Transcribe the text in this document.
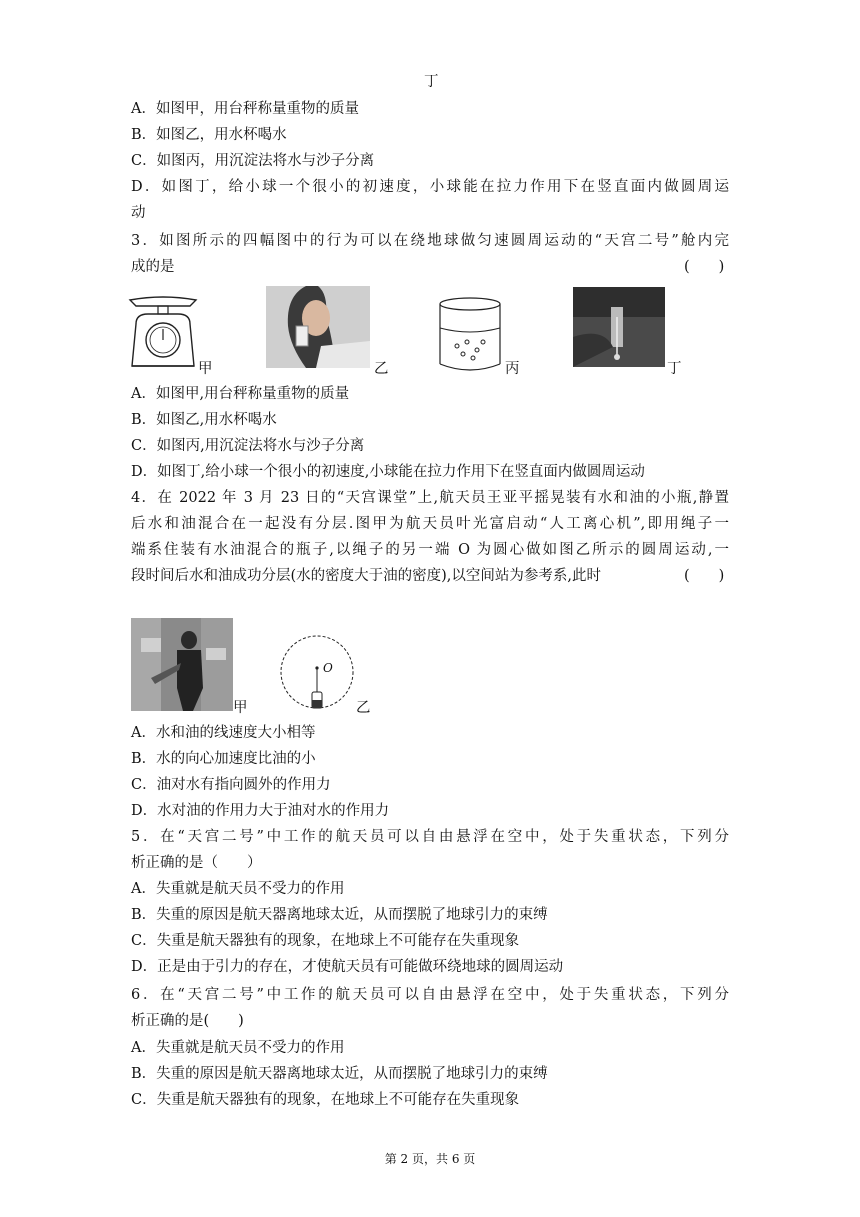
丁
A．如图甲，用台秤称量重物的质量
B．如图乙，用水杯喝水
C．如图丙，用沉淀法将水与沙子分离
D．如图丁，给小球一个很小的初速度，小球能在拉力作用下在竖直面内做圆周运
动
3．如图所示的四幅图中的行为可以在绕地球做匀速圆周运动的“天宫二号”舱内完
成的是	(　　)
甲	乙	丙	丁
A．如图甲,用台秤称量重物的质量
B．如图乙,用水杯喝水
C．如图丙,用沉淀法将水与沙子分离
D．如图丁,给小球一个很小的初速度,小球能在拉力作用下在竖直面内做圆周运动
4．在 2022 年 3 月 23 日的“天宫课堂”上,航天员王亚平摇晃装有水和油的小瓶,静置
后水和油混合在一起没有分层.图甲为航天员叶光富启动“人工离心机”,即用绳子一
端系住装有水油混合的瓶子,以绳子的另一端 O 为圆心做如图乙所示的圆周运动,一
段时间后水和油成功分层(水的密度大于油的密度),以空间站为参考系,此时	(　　)
甲
O
乙
A．水和油的线速度大小相等
B．水的向心加速度比油的小
C．油对水有指向圆外的作用力
D．水对油的作用力大于油对水的作用力
5．在“天宫二号”中工作的航天员可以自由悬浮在空中，处于失重状态，下列分
析正确的是（　　）
A．失重就是航天员不受力的作用
B．失重的原因是航天器离地球太近，从而摆脱了地球引力的束缚
C．失重是航天器独有的现象，在地球上不可能存在失重现象
D．正是由于引力的存在，才使航天员有可能做环绕地球的圆周运动
6．在“天宫二号”中工作的航天员可以自由悬浮在空中，处于失重状态，下列分
析正确的是(　　)
A．失重就是航天员不受力的作用
B．失重的原因是航天器离地球太近，从而摆脱了地球引力的束缚
C．失重是航天器独有的现象，在地球上不可能存在失重现象
第 2 页，共 6 页
